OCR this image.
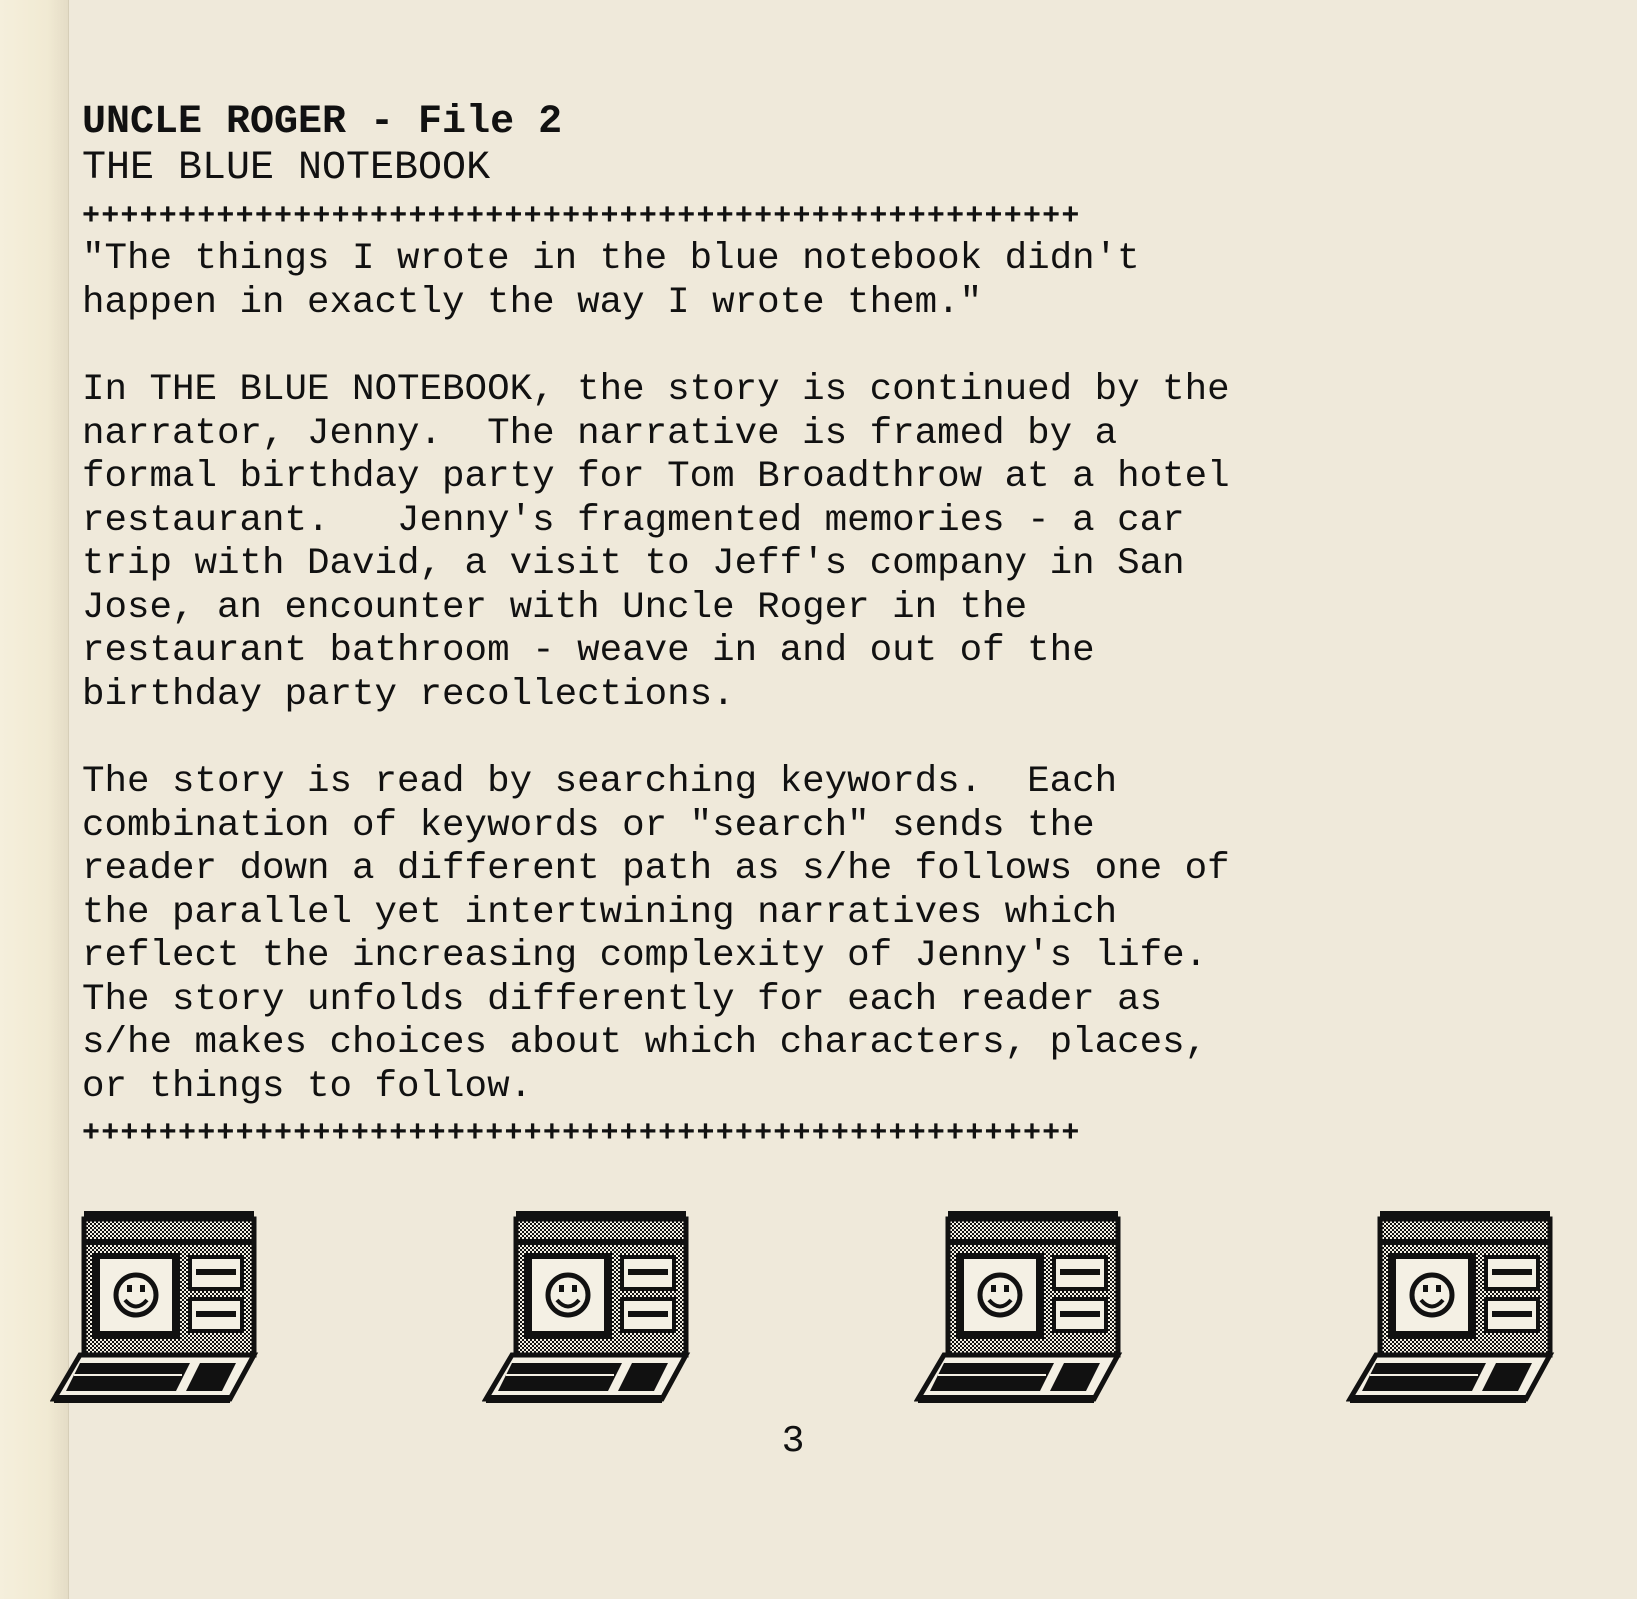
UNCLE ROGER - File 2
THE BLUE NOTEBOOK
++++++++++++++++++++++++++++++++++++++++++++++++++++

"The things I wrote in the blue notebook didn't

happen in exactly the way I wrote them."

In THE BLUE NOTEBOOK, the story is continued by the

narrator, Jenny.  The narrative is framed by a

formal birthday party for Tom Broadthrow at a hotel

restaurant.   Jenny's fragmented memories - a car

trip with David, a visit to Jeff's company in San

Jose, an encounter with Uncle Roger in the

restaurant bathroom - weave in and out of the

birthday party recollections.

The story is read by searching keywords.  Each

combination of keywords or "search" sends the

reader down a different path as s/he follows one of

the parallel yet intertwining narratives which

reflect the increasing complexity of Jenny's life.

The story unfolds differently for each reader as

s/he makes choices about which characters, places,

or things to follow.

++++++++++++++++++++++++++++++++++++++++++++++++++++
3
